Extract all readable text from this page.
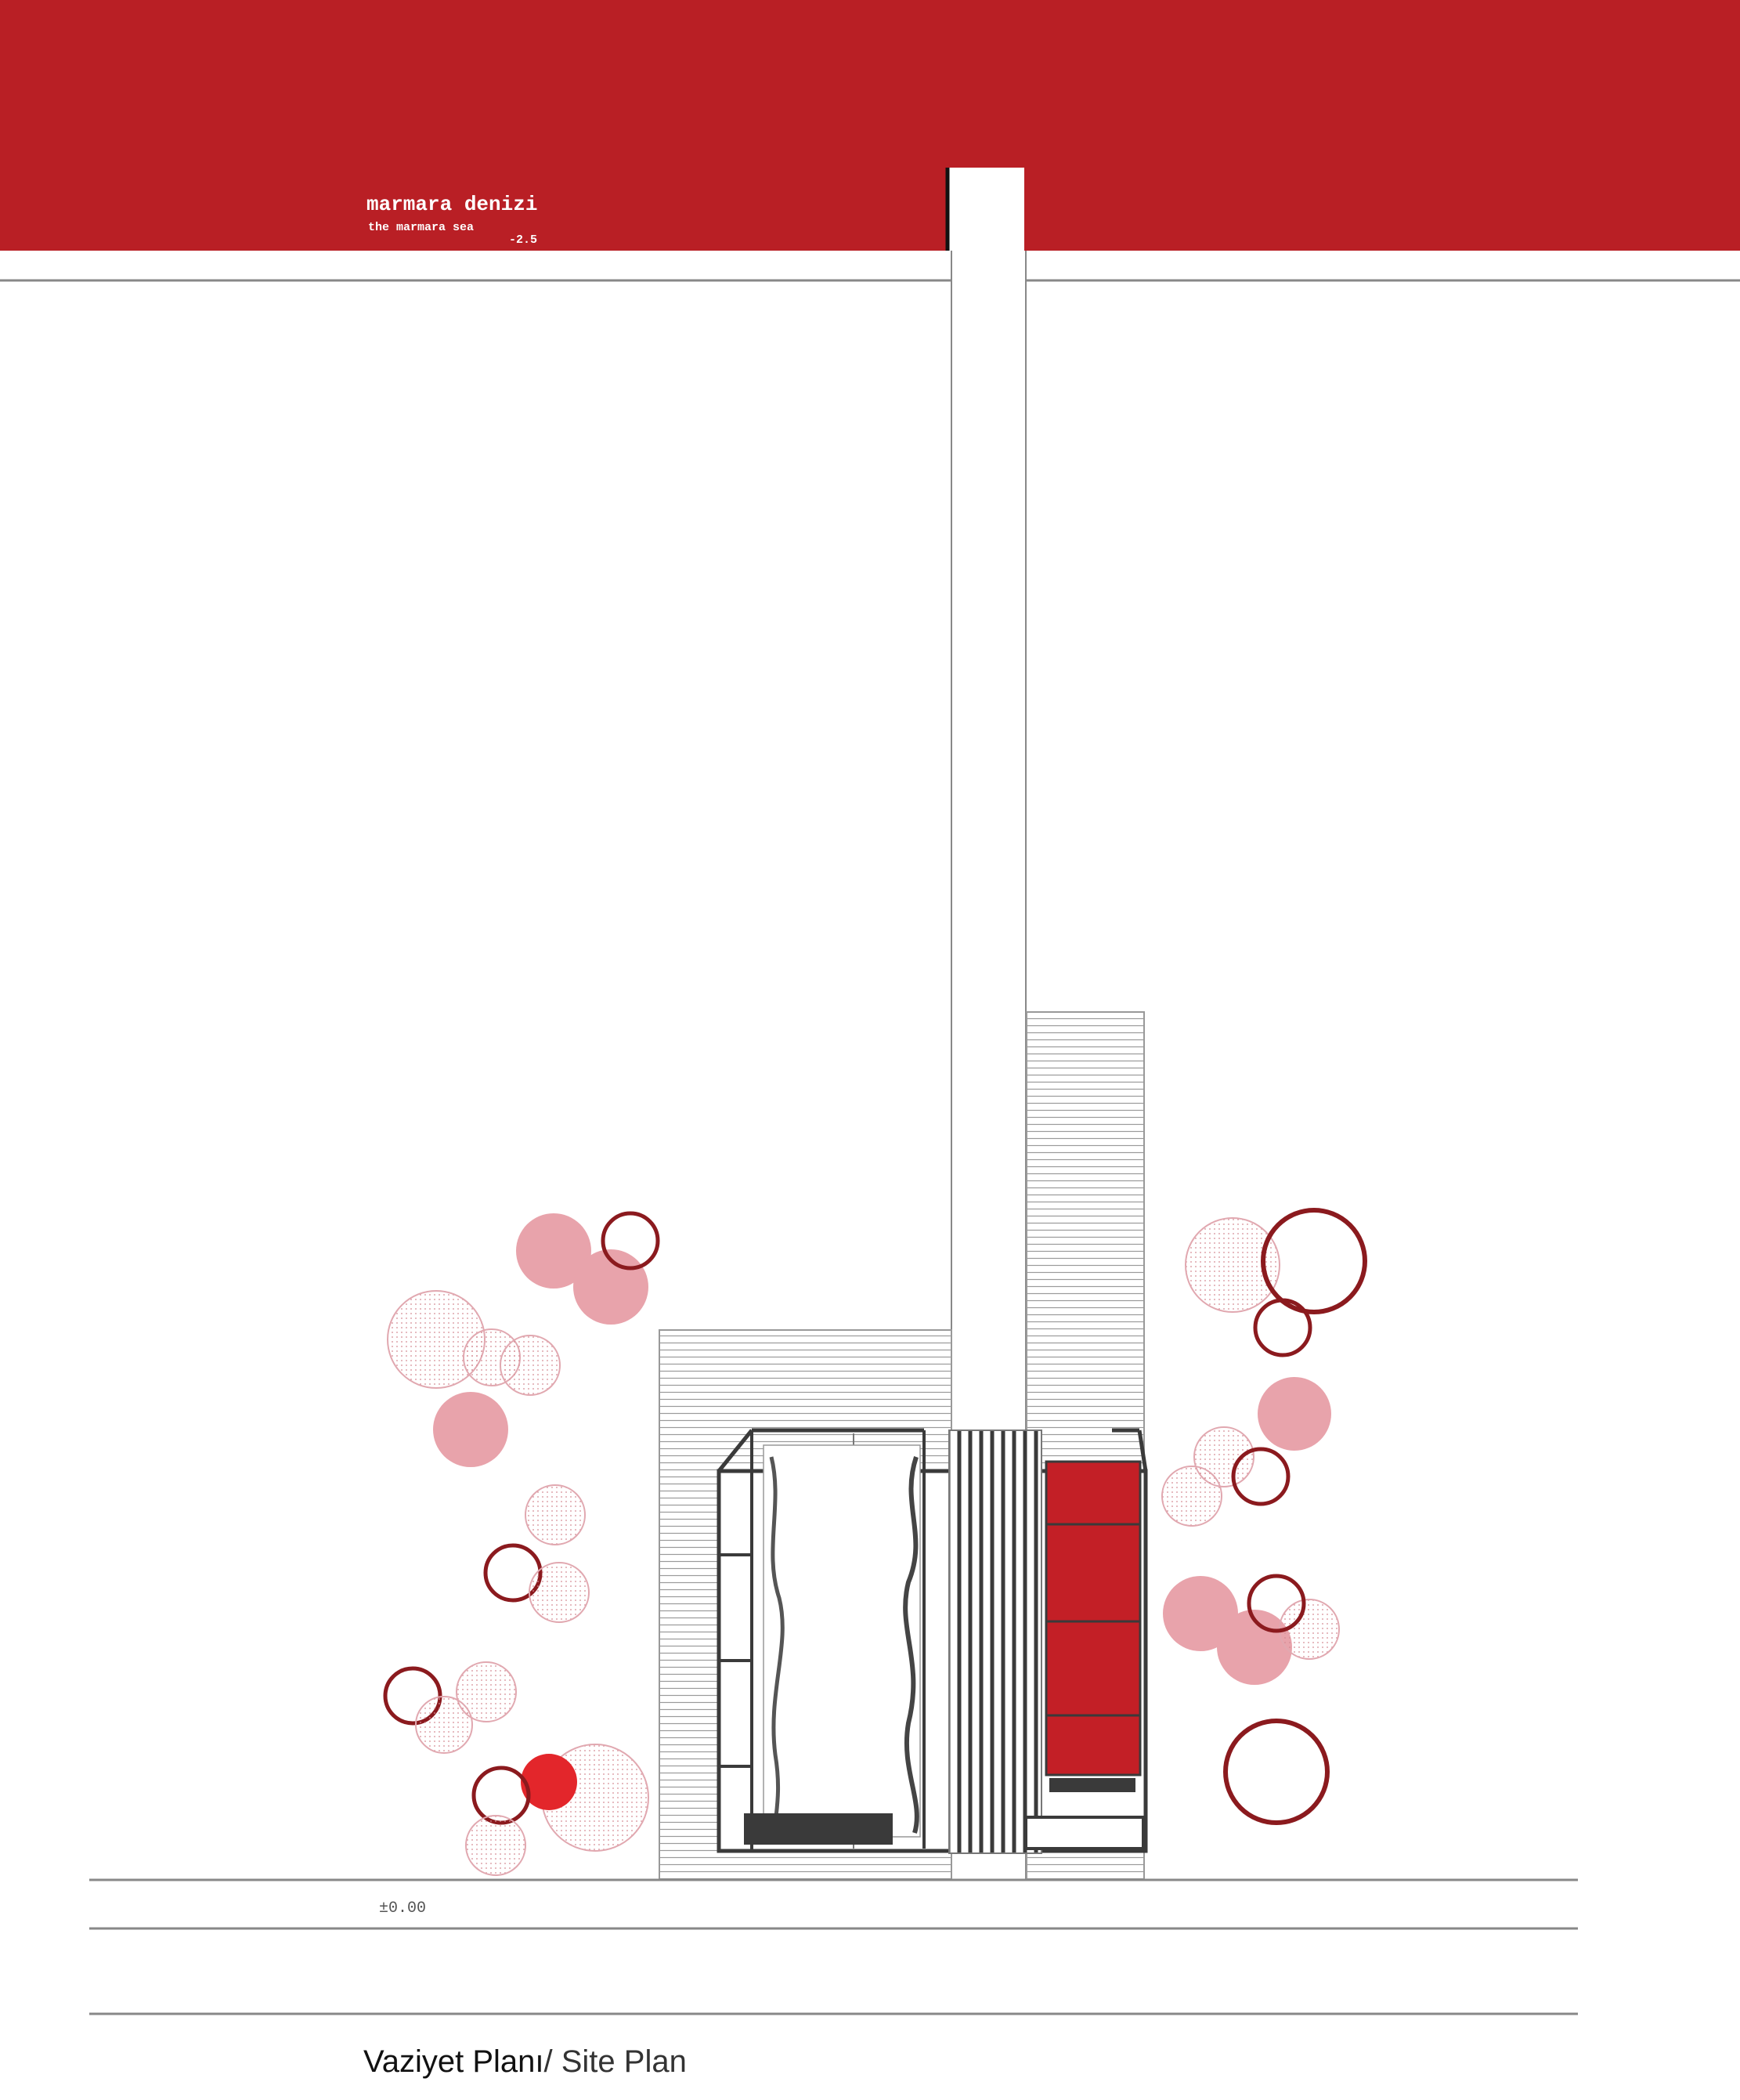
marmara denizi
the marmara sea
-2.5
±0.00
Vaziyet Planı/ Site Plan
